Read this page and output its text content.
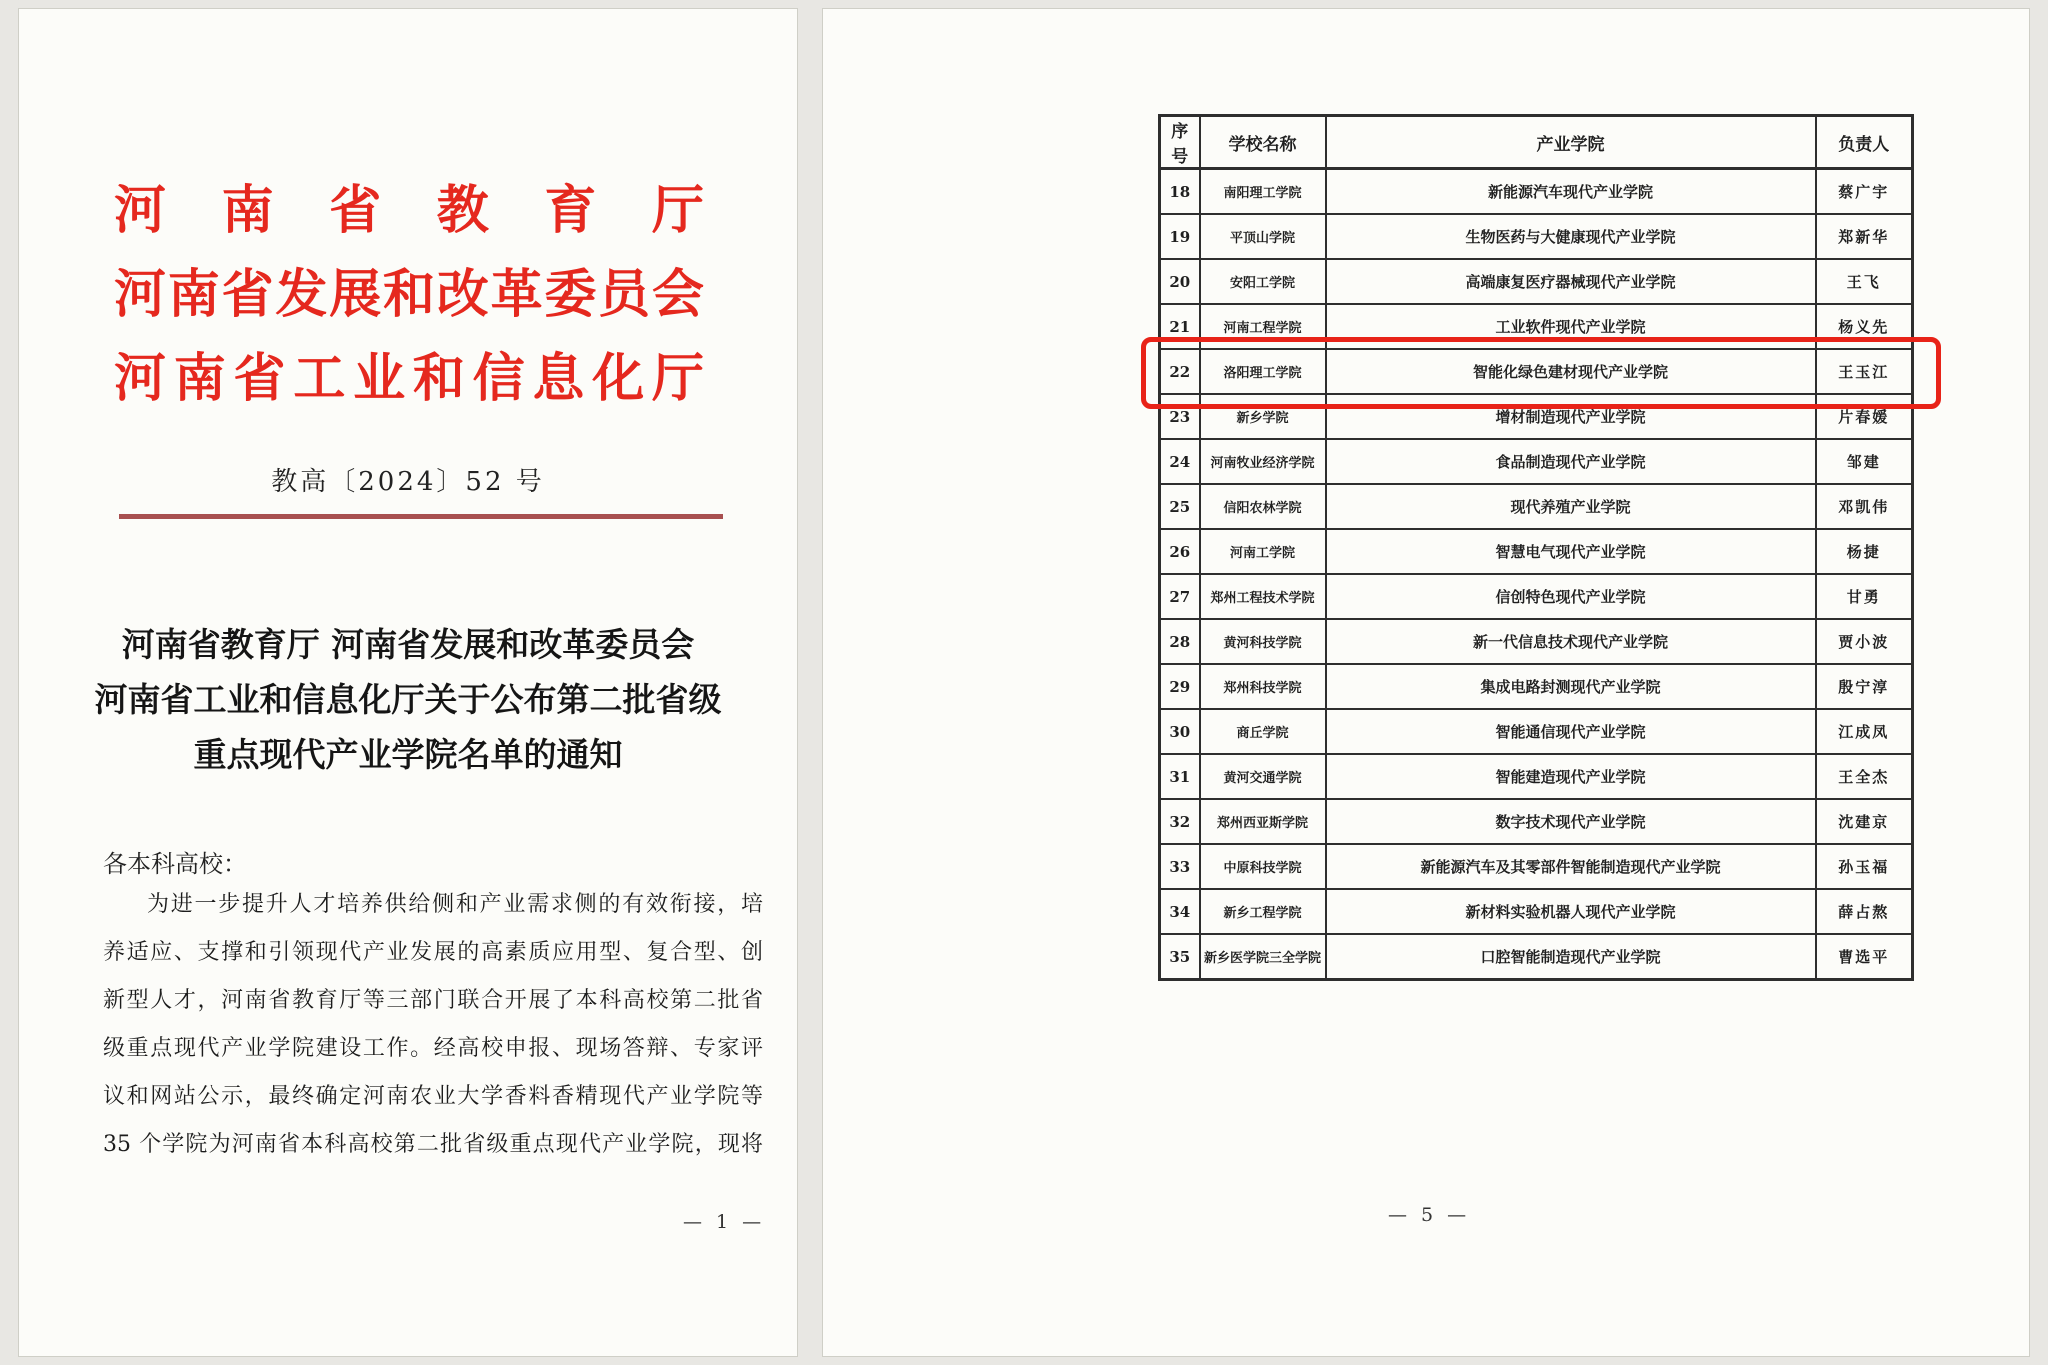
河南省教育厅
河南省发展和改革委员会
河南省工业和信息化厅
教高〔2024〕52 号
河南省教育厅 河南省发展和改革委员会
河南省工业和信息化厅关于公布第二批省级
重点现代产业学院名单的通知
各本科高校：
为进一步提升人才培养供给侧和产业需求侧的有效衔接，培
养适应、支撑和引领现代产业发展的高素质应用型、复合型、创
新型人才，河南省教育厅等三部门联合开展了本科高校第二批省
级重点现代产业学院建设工作。经高校申报、现场答辩、专家评
议和网站公示，最终确定河南农业大学香料香精现代产业学院等
35 个学院为河南省本科高校第二批省级重点现代产业学院，现将
— 1 —
序号	学校名称	产业学院	负责人
18	南阳理工学院	新能源汽车现代产业学院	蔡广宇
19	平顶山学院	生物医药与大健康现代产业学院	郑新华
20	安阳工学院	高端康复医疗器械现代产业学院	王飞
21	河南工程学院	工业软件现代产业学院	杨义先
22	洛阳理工学院	智能化绿色建材现代产业学院	王玉江
23	新乡学院	增材制造现代产业学院	片春媛
24	河南牧业经济学院	食品制造现代产业学院	邹建
25	信阳农林学院	现代养殖产业学院	邓凯伟
26	河南工学院	智慧电气现代产业学院	杨捷
27	郑州工程技术学院	信创特色现代产业学院	甘勇
28	黄河科技学院	新一代信息技术现代产业学院	贾小波
29	郑州科技学院	集成电路封测现代产业学院	殷宁淳
30	商丘学院	智能通信现代产业学院	江成凤
31	黄河交通学院	智能建造现代产业学院	王全杰
32	郑州西亚斯学院	数字技术现代产业学院	沈建京
33	中原科技学院	新能源汽车及其零部件智能制造现代产业学院	孙玉福
34	新乡工程学院	新材料实验机器人现代产业学院	薛占熬
35	新乡医学院三全学院	口腔智能制造现代产业学院	曹选平
— 5 —
